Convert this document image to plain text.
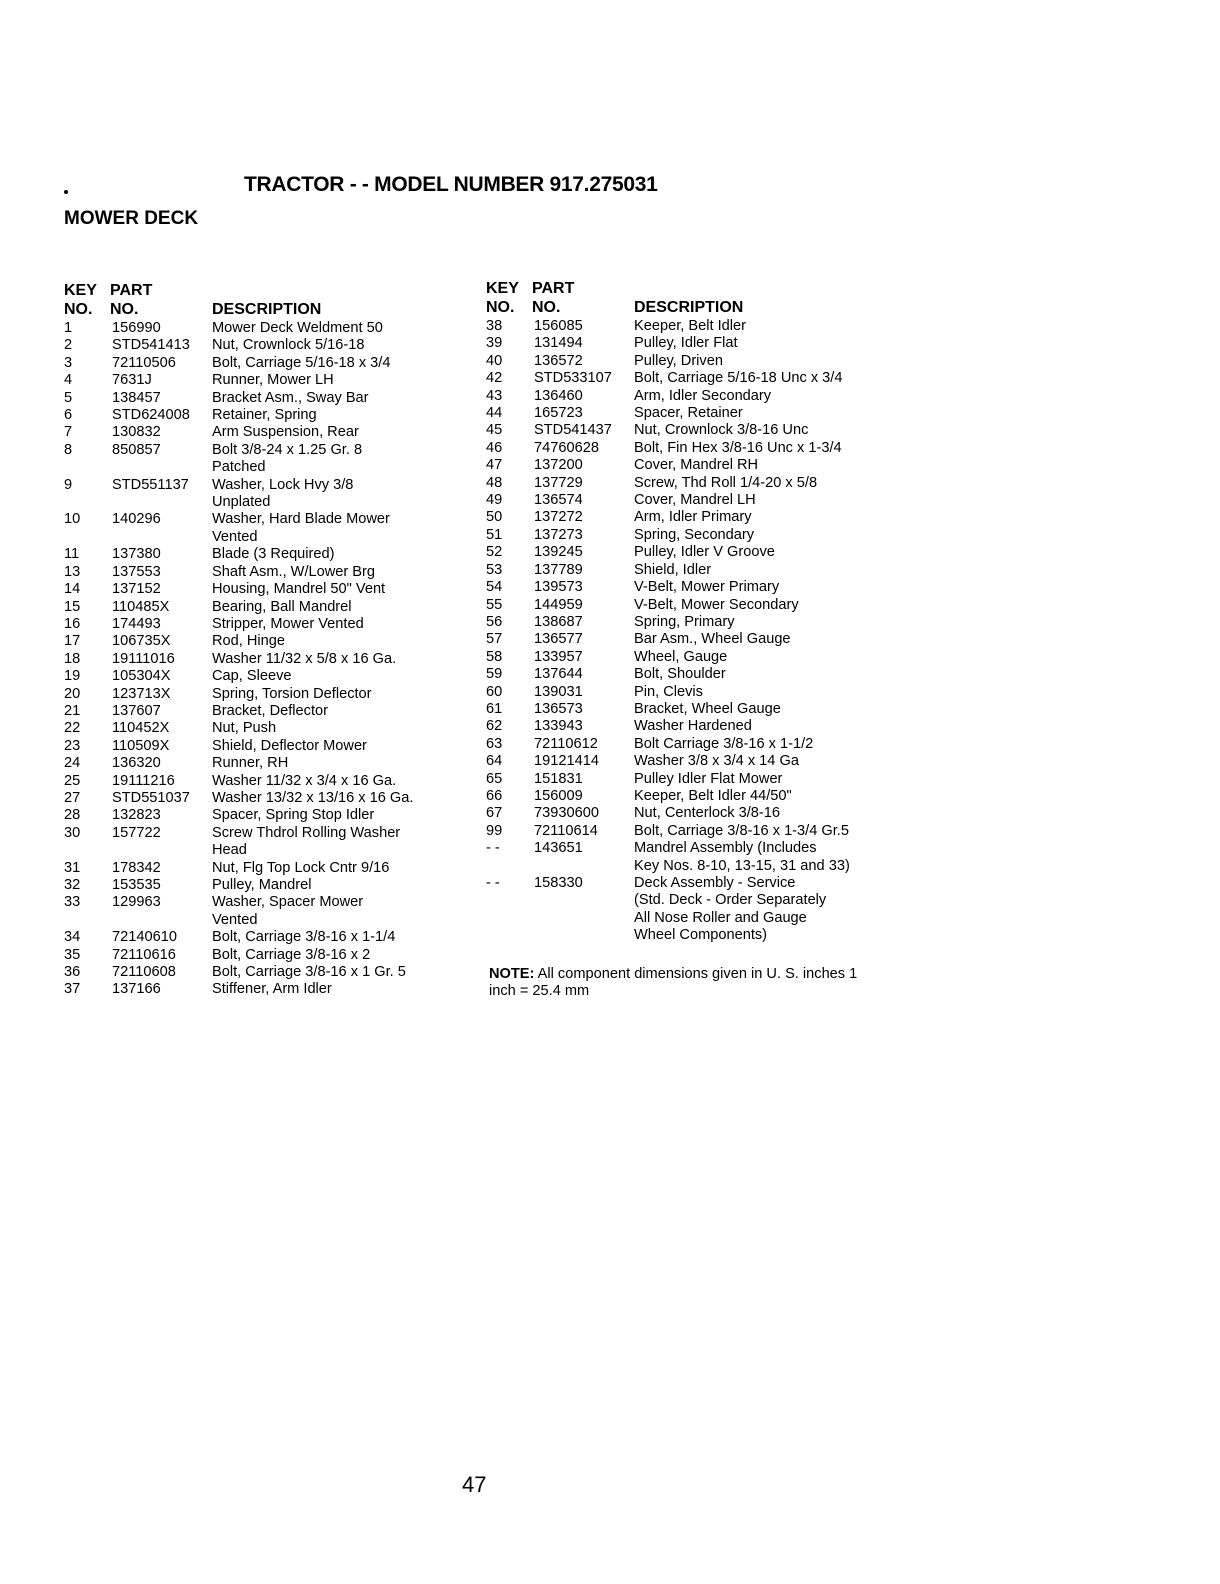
TRACTOR - - MODEL NUMBER 917.275031
MOWER DECK
KEY
NO.
PART
NO.	DESCRIPTION
1	156990	Mower Deck Weldment 50
2	STD541413	Nut, Crownlock 5/16-18
3	72110506	Bolt, Carriage 5/16-18 x 3/4
4	7631J	Runner, Mower LH
5	138457	Bracket Asm., Sway Bar
6	STD624008	Retainer, Spring
7	130832	Arm Suspension, Rear
8	850857	Bolt 3/8-24 x 1.25 Gr. 8
Patched
9	STD551137	Washer, Lock Hvy 3/8
Unplated
10	140296	Washer, Hard Blade Mower
Vented
11	137380	Blade (3 Required)
13	137553	Shaft Asm., W/Lower Brg
14	137152	Housing, Mandrel 50" Vent
15	110485X	Bearing, Ball Mandrel
16	174493	Stripper, Mower Vented
17	106735X	Rod, Hinge
18	19111016	Washer 11/32 x 5/8 x 16 Ga.
19	105304X	Cap, Sleeve
20	123713X	Spring, Torsion Deflector
21	137607	Bracket, Deflector
22	110452X	Nut, Push
23	110509X	Shield, Deflector Mower
24	136320	Runner, RH
25	19111216	Washer 11/32 x 3/4 x 16 Ga.
27	STD551037	Washer 13/32 x 13/16 x 16 Ga.
28	132823	Spacer, Spring Stop Idler
30	157722	Screw Thdrol Rolling Washer
Head
31	178342	Nut, Flg Top Lock Cntr 9/16
32	153535	Pulley, Mandrel
33	129963	Washer, Spacer Mower
Vented
34	72140610	Bolt, Carriage 3/8-16 x 1-1/4
35	72110616	Bolt, Carriage 3/8-16 x 2
36	72110608	Bolt, Carriage 3/8-16 x 1 Gr. 5
37	137166	Stiffener, Arm Idler
KEY
NO.
PART
NO.	DESCRIPTION
38	156085	Keeper, Belt Idler
39	131494	Pulley, Idler Flat
40	136572	Pulley, Driven
42	STD533107	Bolt, Carriage 5/16-18 Unc x 3/4
43	136460	Arm, Idler Secondary
44	165723	Spacer, Retainer
45	STD541437	Nut, Crownlock 3/8-16 Unc
46	74760628	Bolt, Fin Hex 3/8-16 Unc x 1-3/4
47	137200	Cover, Mandrel RH
48	137729	Screw, Thd Roll 1/4-20 x 5/8
49	136574	Cover, Mandrel LH
50	137272	Arm, Idler Primary
51	137273	Spring, Secondary
52	139245	Pulley, Idler V Groove
53	137789	Shield, Idler
54	139573	V-Belt, Mower Primary
55	144959	V-Belt, Mower Secondary
56	138687	Spring, Primary
57	136577	Bar Asm., Wheel Gauge
58	133957	Wheel, Gauge
59	137644	Bolt, Shoulder
60	139031	Pin, Clevis
61	136573	Bracket, Wheel Gauge
62	133943	Washer Hardened
63	72110612	Bolt Carriage 3/8-16 x 1-1/2
64	19121414	Washer 3/8 x 3/4 x 14 Ga
65	151831	Pulley Idler Flat Mower
66	156009	Keeper, Belt Idler 44/50"
67	73930600	Nut, Centerlock 3/8-16
99	72110614	Bolt, Carriage 3/8-16 x 1-3/4 Gr.5
- -	143651	Mandrel Assembly (Includes
Key Nos. 8-10, 13-15, 31 and 33)
- -	158330	Deck Assembly - Service
(Std. Deck - Order Separately
All Nose Roller and Gauge
Wheel Components)
NOTE: All component dimensions given in U. S. inches 1 inch = 25.4 mm
47
